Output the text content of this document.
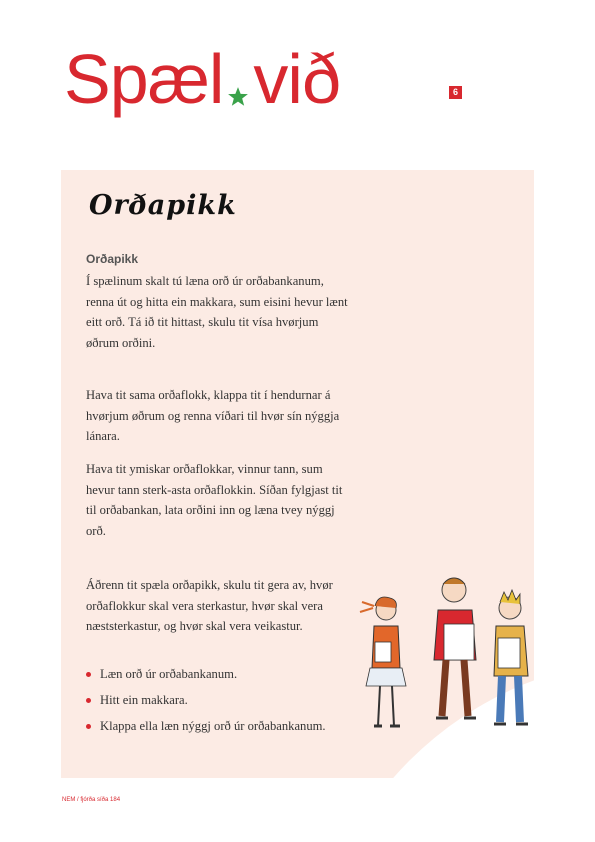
Spæl við	6
Orðapikk
Orðapikk
Í spælinum skalt tú læna orð úr orðabankanum, renna út og hitta ein makkara, sum eisini hevur lænt eitt orð. Tá ið tit hittast, skulu tit vísa hvørjum øðrum orðini.
Hava tit sama orðaflokk, klappa tit í hendurnar á hvørjum øðrum og renna víðari til hvør sín nýggja lánara.
Hava tit ymiskar orðaflokkar, vinnur tann, sum hevur tann sterk-asta orðaflokkin. Síðan fylgjast tit til orðabankan, lata orðini inn og læna tvey nýggj orð.
Áðrenn tit spæla orðapikk, skulu tit gera av, hvør orðaflokkur skal vera sterkastur, hvør skal vera næststerkastur, og hvør skal vera veikastur.
Læn orð úr orðabankanum.
Hitt ein makkara.
Klappa ella læn nýggj orð úr orðabankanum.
NEM / fjórða síða 184
